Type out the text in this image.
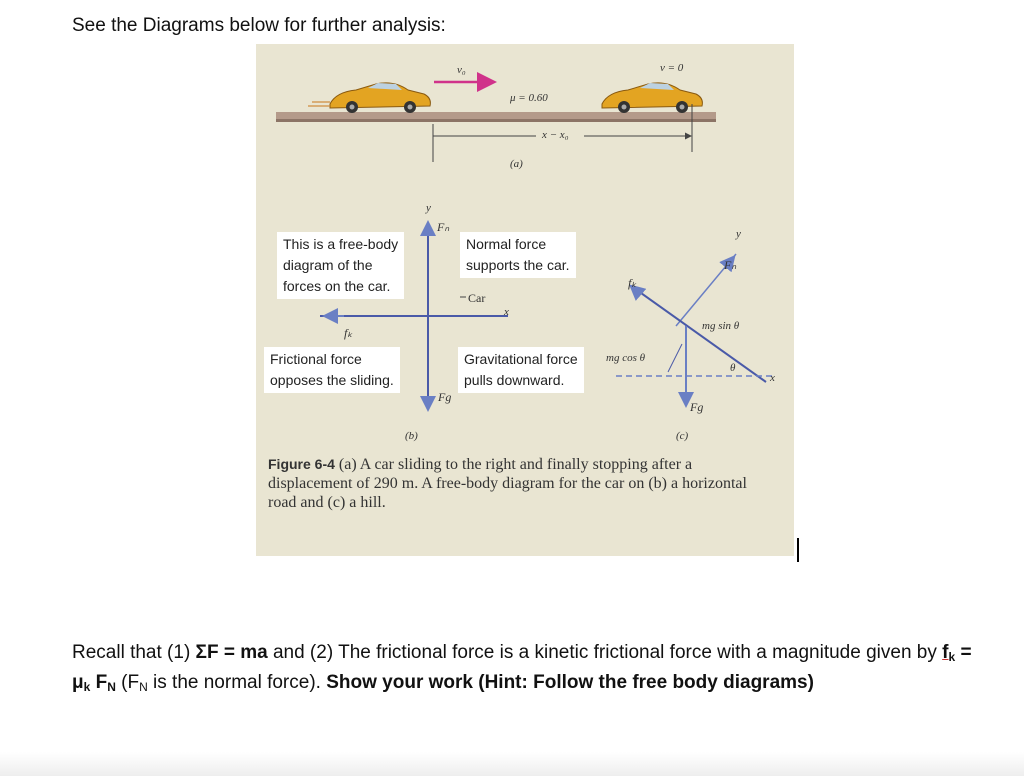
See the Diagrams below for further analysis:
v₀	v = 0
μ = 0.60
x − x₀
(a)
This is a free-body
diagram of the
forces on the car.
Normal force
supports the car.
Frictional force
opposes the sliding.
Gravitational force
pulls downward.
Car
y
x
Fₙ
fₖ
Fg
(b)
y
x
Fₙ
fₖ
Fg
mg sin θ
mg cos θ
θ
(c)
Figure 6-4 (a) A car sliding to the right and finally stopping after a displacement of 290 m. A free-body diagram for the car on (b) a horizontal road and (c) a hill.
Recall that (1) ΣF = ma and (2) The frictional force is a kinetic frictional force with a magnitude given by $f_k = \mu_k$ $F_N$ ($F_N$ is the normal force). Show your work (Hint: Follow the free body diagrams)
